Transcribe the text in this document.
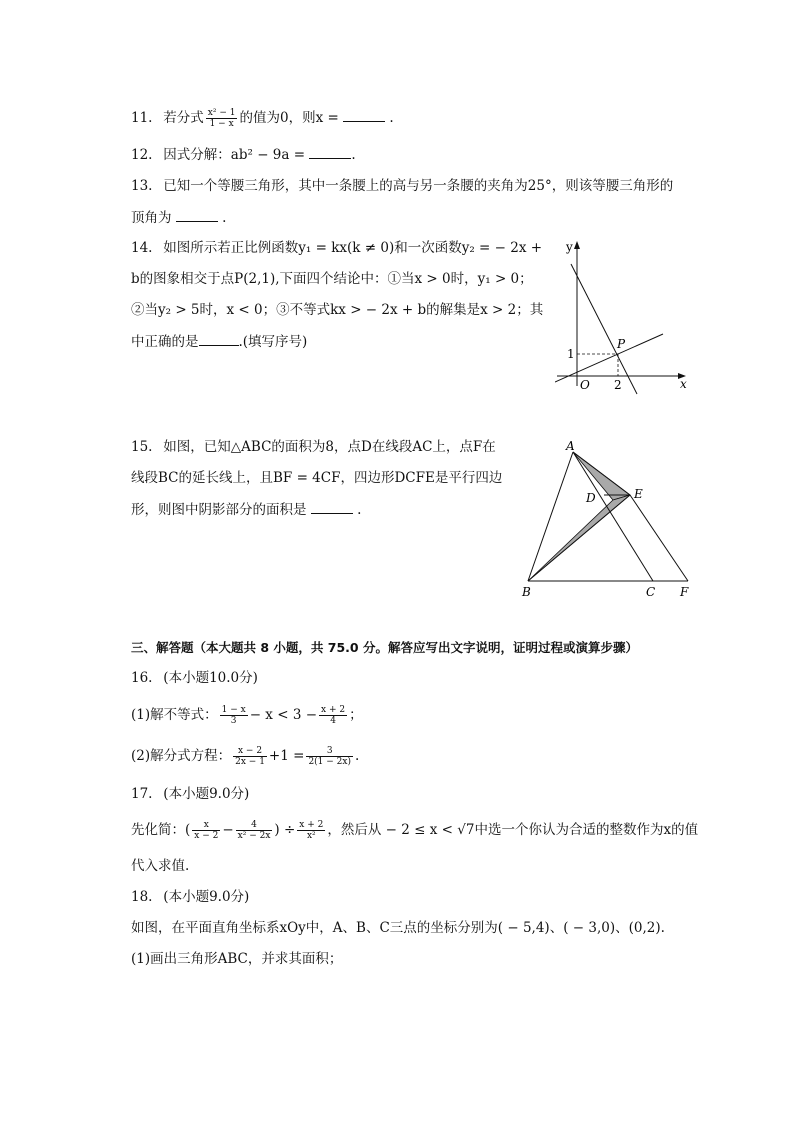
11. 若分式 $\frac{\text{x² − 1}}{1 - x}$ 的值为0，则x =	.
12. 因式分解：ab² − 9a =	.
13. 已知一个等腰三角形，其中一条腰上的高与另一条腰的夹角为25°，则该等腰三角形的
顶角为	.
14. 如图所示若正比例函数y₁ = kx(k ≠ 0)和一次函数y₂ = − 2x +
b的图象相交于点P(2,1),下面四个结论中：①当x > 0时，y₁ > 0；
②当y₂ > 5时，x < 0；③不等式kx > − 2x + b的解集是x > 2；其
中正确的是	.(填写序号)
y
x
O
1
2
P
15. 如图，已知△ABC的面积为8，点D在线段AC上，点F在
线段BC的延长线上，且BF = 4CF，四边形DCFE是平行四边
形，则图中阴影部分的面积是	.
A
B	C
D	E
F
三、解答题（本大题共 8 小题，共 75.0 分。解答应写出文字说明，证明过程或演算步骤）
16. (本小题10.0分)
(1)解不等式： $\frac{1 - x}{3} - x < 3 - \frac{x + 2}{4}$ ；
(2)解分式方程： $\frac{x - 2}{2x - 1} +1 = \frac{3}{2(1 - 2x)}$ .
17. (本小题9.0分)
先化简：( $\frac{x}{x - 2} - \frac{4}{\text{x² − 2x}}$ ) ÷ $\frac{x + 2}{\text{x²}}$ ，然后从 − 2 ≤ x < √7中选一个你认为合适的整数作为x的值
代入求值.
18. (本小题9.0分)
如图，在平面直角坐标系xOy中，A、B、C三点的坐标分别为( − 5,4)、( − 3,0)、(0,2).
(1)画出三角形ABC，并求其面积；
